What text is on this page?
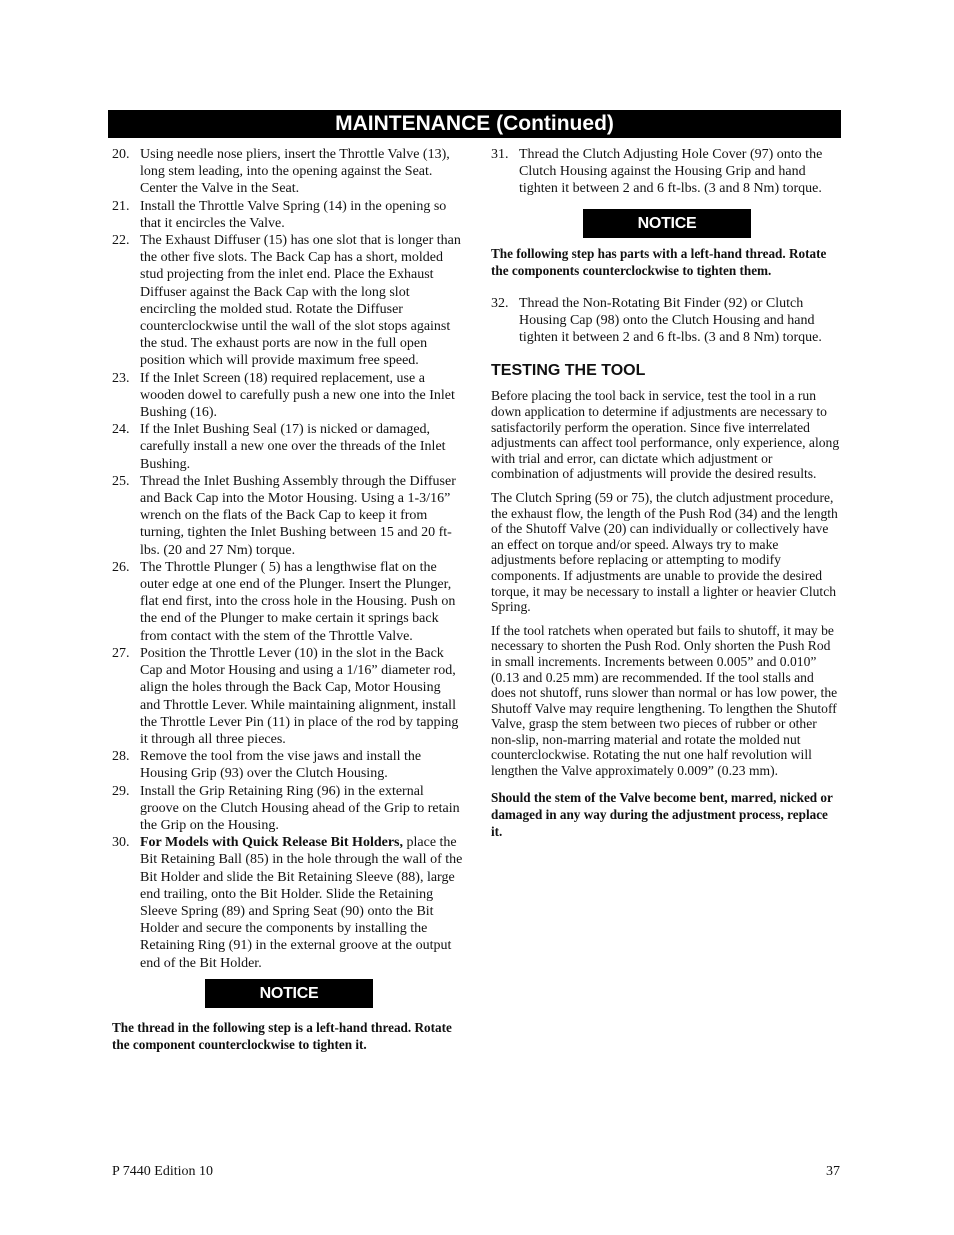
MAINTENANCE (Continued)
20. Using needle nose pliers, insert the Throttle Valve (13), long stem leading, into the opening against the Seat. Center the Valve in the Seat.
21. Install the Throttle Valve Spring (14) in the opening so that it encircles the Valve.
22. The Exhaust Diffuser (15) has one slot that is longer than the other five slots. The Back Cap has a short, molded stud projecting from the inlet end. Place the Exhaust Diffuser against the Back Cap with the long slot encircling the molded stud. Rotate the Diffuser counterclockwise until the wall of the slot stops against the stud. The exhaust ports are now in the full open position which will provide maximum free speed.
23. If the Inlet Screen (18) required replacement, use a wooden dowel to carefully push a new one into the Inlet Bushing (16).
24. If the Inlet Bushing Seal (17) is nicked or damaged, carefully install a new one over the threads of the Inlet Bushing.
25. Thread the Inlet Bushing Assembly through the Diffuser and Back Cap into the Motor Housing. Using a 1-3/16” wrench on the flats of the Back Cap to keep it from turning, tighten the Inlet Bushing between 15 and 20 ft-lbs. (20 and 27 Nm) torque.
26. The Throttle Plunger ( 5) has a lengthwise flat on the outer edge at one end of the Plunger. Insert the Plunger, flat end first, into the cross hole in the Housing. Push on the end of the Plunger to make certain it springs back from contact with the stem of the Throttle Valve.
27. Position the Throttle Lever (10) in the slot in the Back Cap and Motor Housing and using a 1/16” diameter rod, align the holes through the Back Cap, Motor Housing and Throttle Lever. While maintaining alignment, install the Throttle Lever Pin (11) in place of the rod by tapping it through all three pieces.
28. Remove the tool from the vise jaws and install the Housing Grip (93) over the Clutch Housing.
29. Install the Grip Retaining Ring (96) in the external groove on the Clutch Housing ahead of the Grip to retain the Grip on the Housing.
30. For Models with Quick Release Bit Holders, place the Bit Retaining Ball (85) in the hole through the wall of the Bit Holder and slide the Bit Retaining Sleeve (88), large end trailing, onto the Bit Holder. Slide the Retaining Sleeve Spring (89) and Spring Seat (90) onto the Bit Holder and secure the components by installing the Retaining Ring (91) in the external groove at the output end of the Bit Holder.
NOTICE

The thread in the following step is a left-hand thread. Rotate the component counterclockwise to tighten it.

31. Thread the Clutch Adjusting Hole Cover (97) onto the Clutch Housing against the Housing Grip and hand tighten it between 2 and 6 ft-lbs. (3 and 8 Nm) torque.
NOTICE

The following step has parts with a left-hand thread. Rotate the components counterclockwise to tighten them.

32. Thread the Non-Rotating Bit Finder (92) or Clutch Housing Cap (98) onto the Clutch Housing and hand tighten it between 2 and 6 ft-lbs. (3 and 8 Nm) torque.
TESTING THE TOOL

Before placing the tool back in service, test the tool in a run down application to determine if adjustments are necessary to satisfactorily perform the operation. Since five interrelated adjustments can affect tool performance, only experience, along with trial and error, can dictate which adjustment or combination of adjustments will provide the desired results.

The Clutch Spring (59 or 75), the clutch adjustment procedure, the exhaust flow, the length of the Push Rod (34) and the length of the Shutoff Valve (20) can individually or collectively have an effect on torque and/or speed. Always try to make adjustments before replacing or attempting to modify components. If adjustments are unable to provide the desired torque, it may be necessary to install a lighter or heavier Clutch Spring.

If the tool ratchets when operated but fails to shutoff, it may be necessary to shorten the Push Rod. Only shorten the Push Rod in small increments. Increments between 0.005” and 0.010” (0.13 and 0.25 mm) are recommended. If the tool stalls and does not shutoff, runs slower than normal or has low power, the Shutoff Valve may require lengthening. To lengthen the Shutoff Valve, grasp the stem between two pieces of rubber or other non-slip, non-marring material and rotate the molded nut counterclockwise. Rotating the nut one half revolution will lengthen the Valve approximately 0.009” (0.23 mm).

Should the stem of the Valve become bent, marred, nicked or damaged in any way during the adjustment process, replace it.

P 7440 Edition 10	37
